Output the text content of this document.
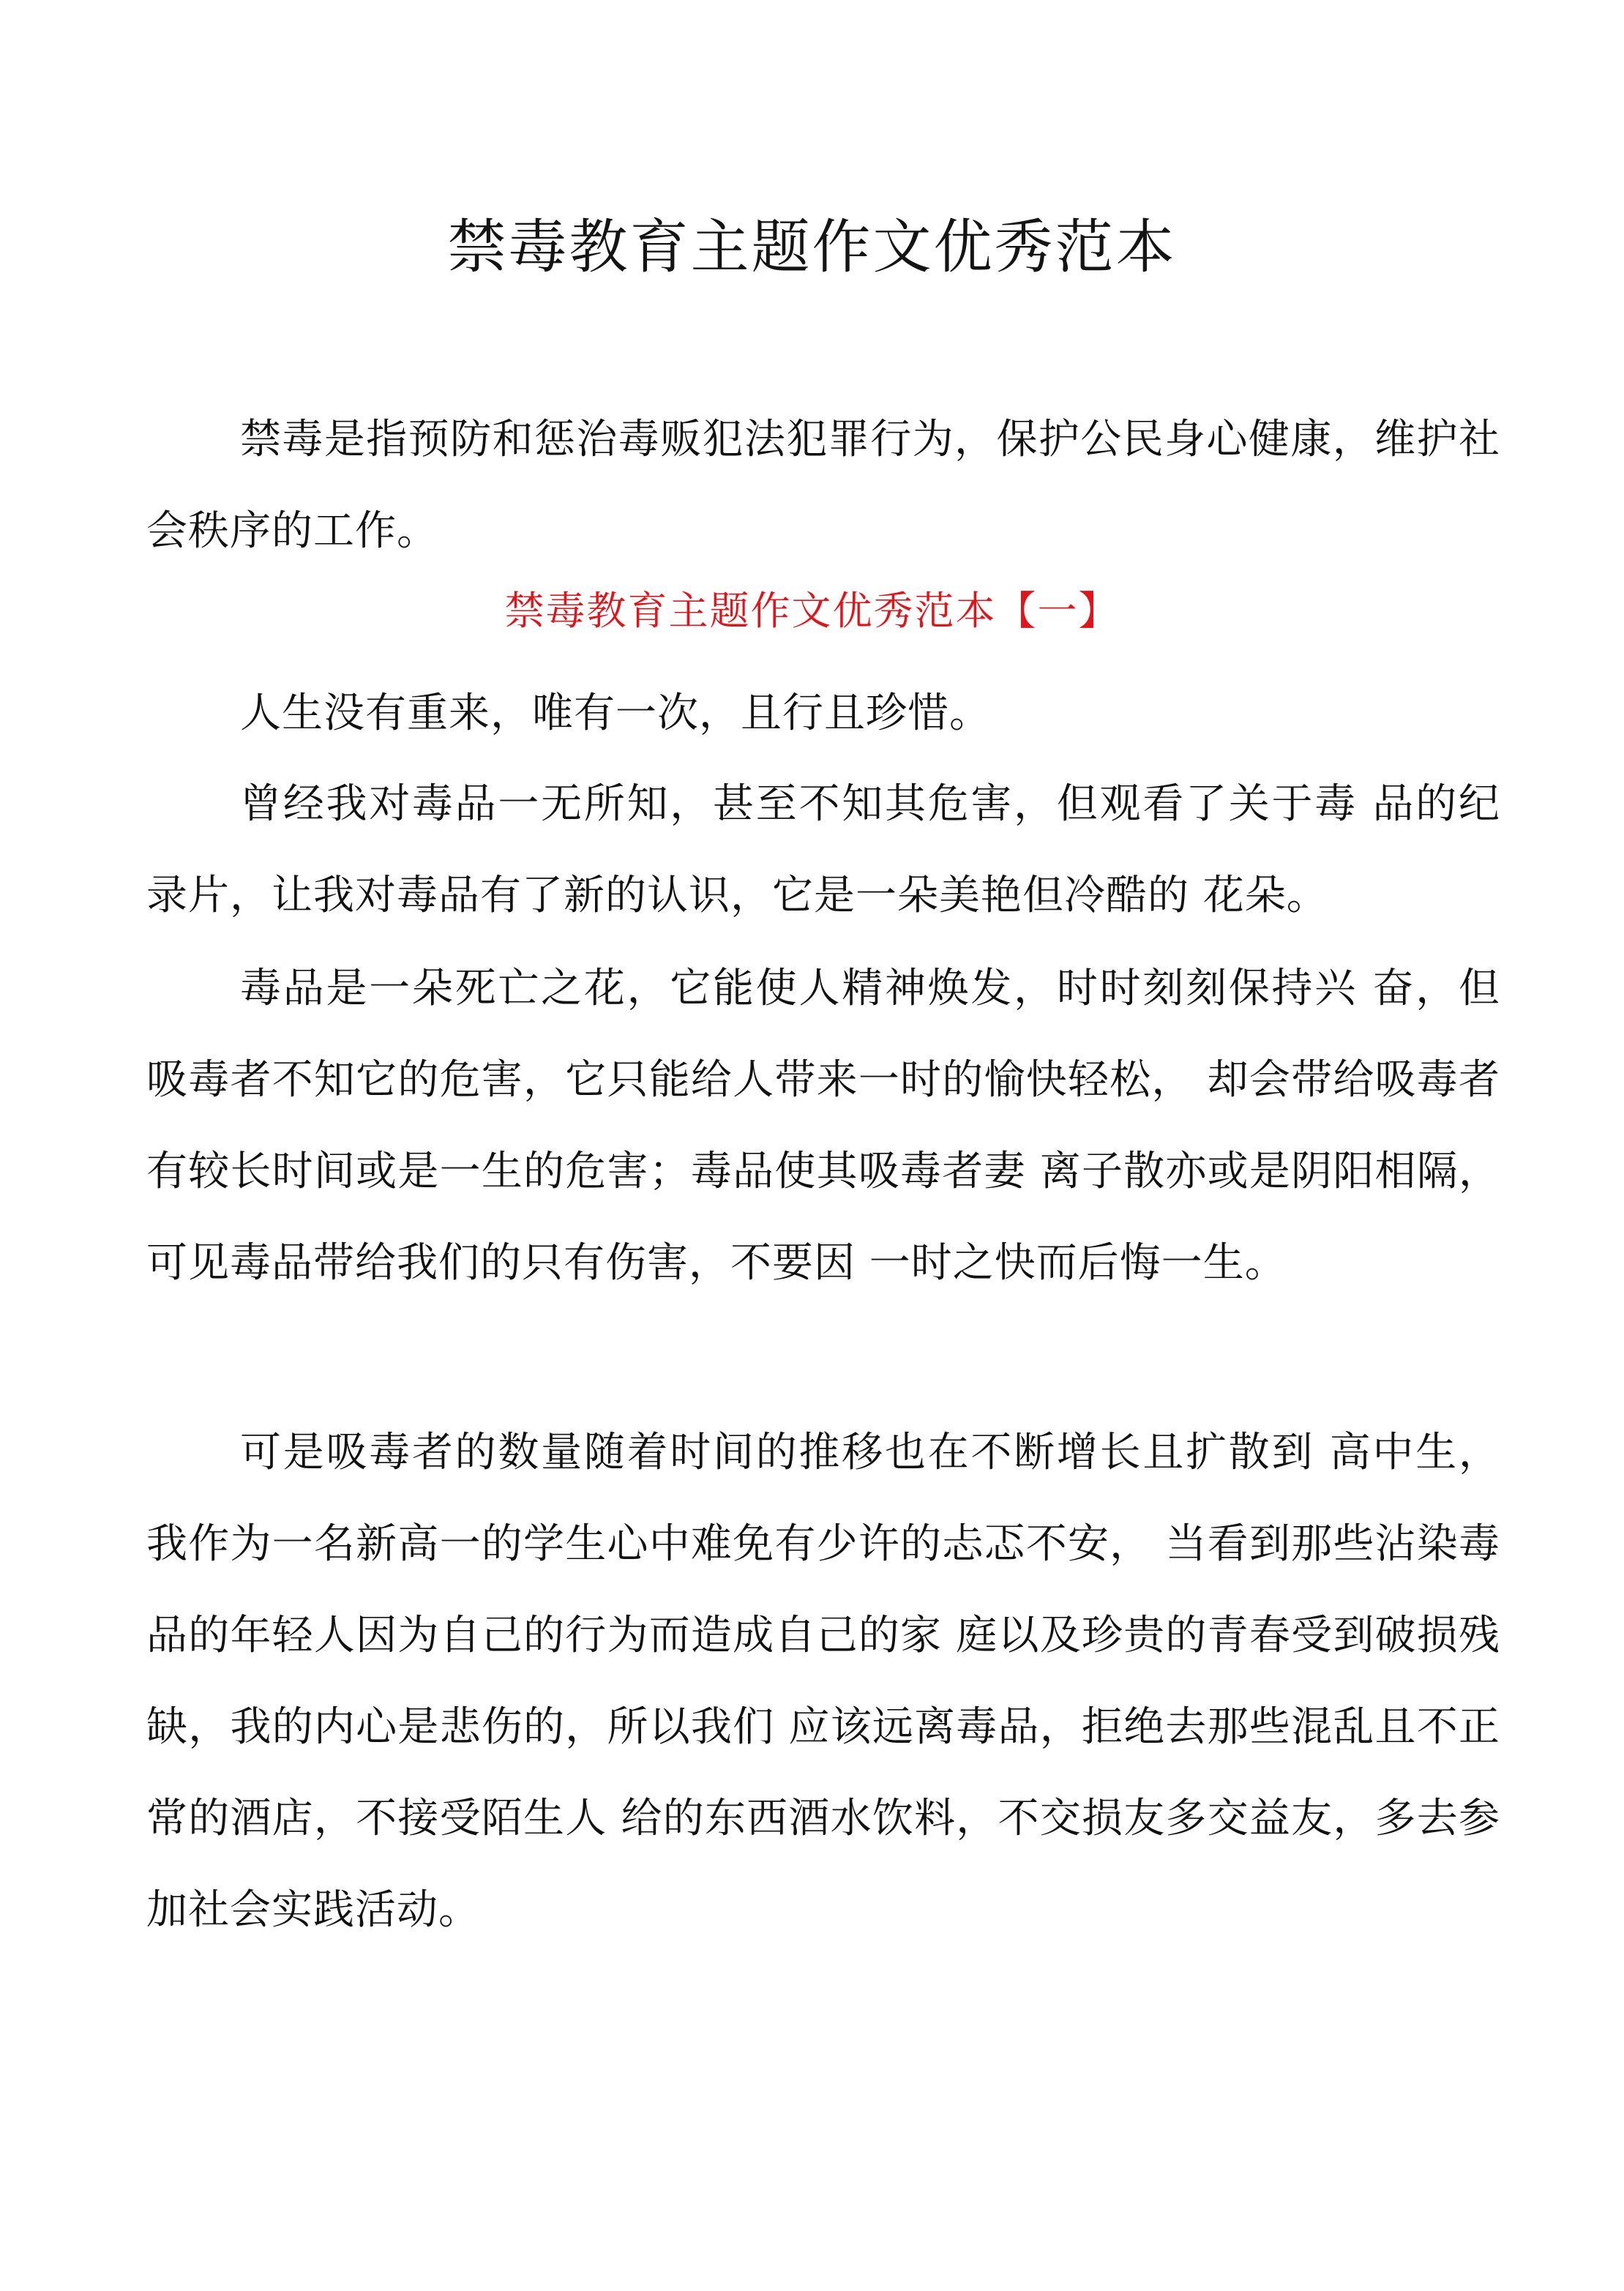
禁毒教育主题作文优秀范本

禁毒是指预防和惩治毒贩犯法犯罪行为，保护公民身心健康，维护社会秩序的工作。

禁毒教育主题作文优秀范本【一】

人生没有重来，唯有一次，且行且珍惜。

曾经我对毒品一无所知，甚至不知其危害，但观看了关于毒 品的纪录片，让我对毒品有了新的认识，它是一朵美艳但冷酷的 花朵。

毒品是一朵死亡之花，它能使人精神焕发，时时刻刻保持兴 奋，但吸毒者不知它的危害，它只能给人带来一时的愉快轻松， 却会带给吸毒者有较长时间或是一生的危害；毒品使其吸毒者妻 离子散亦或是阴阳相隔，可见毒品带给我们的只有伤害，不要因 一时之快而后悔一生。

可是吸毒者的数量随着时间的推移也在不断增长且扩散到 高中生，我作为一名新高一的学生心中难免有少许的忐忑不安， 当看到那些沾染毒品的年轻人因为自己的行为而造成自己的家 庭以及珍贵的青春受到破损残缺，我的内心是悲伤的，所以我们 应该远离毒品，拒绝去那些混乱且不正常的酒店，不接受陌生人 给的东西酒水饮料，不交损友多交益友，多去参加社会实践活动。
